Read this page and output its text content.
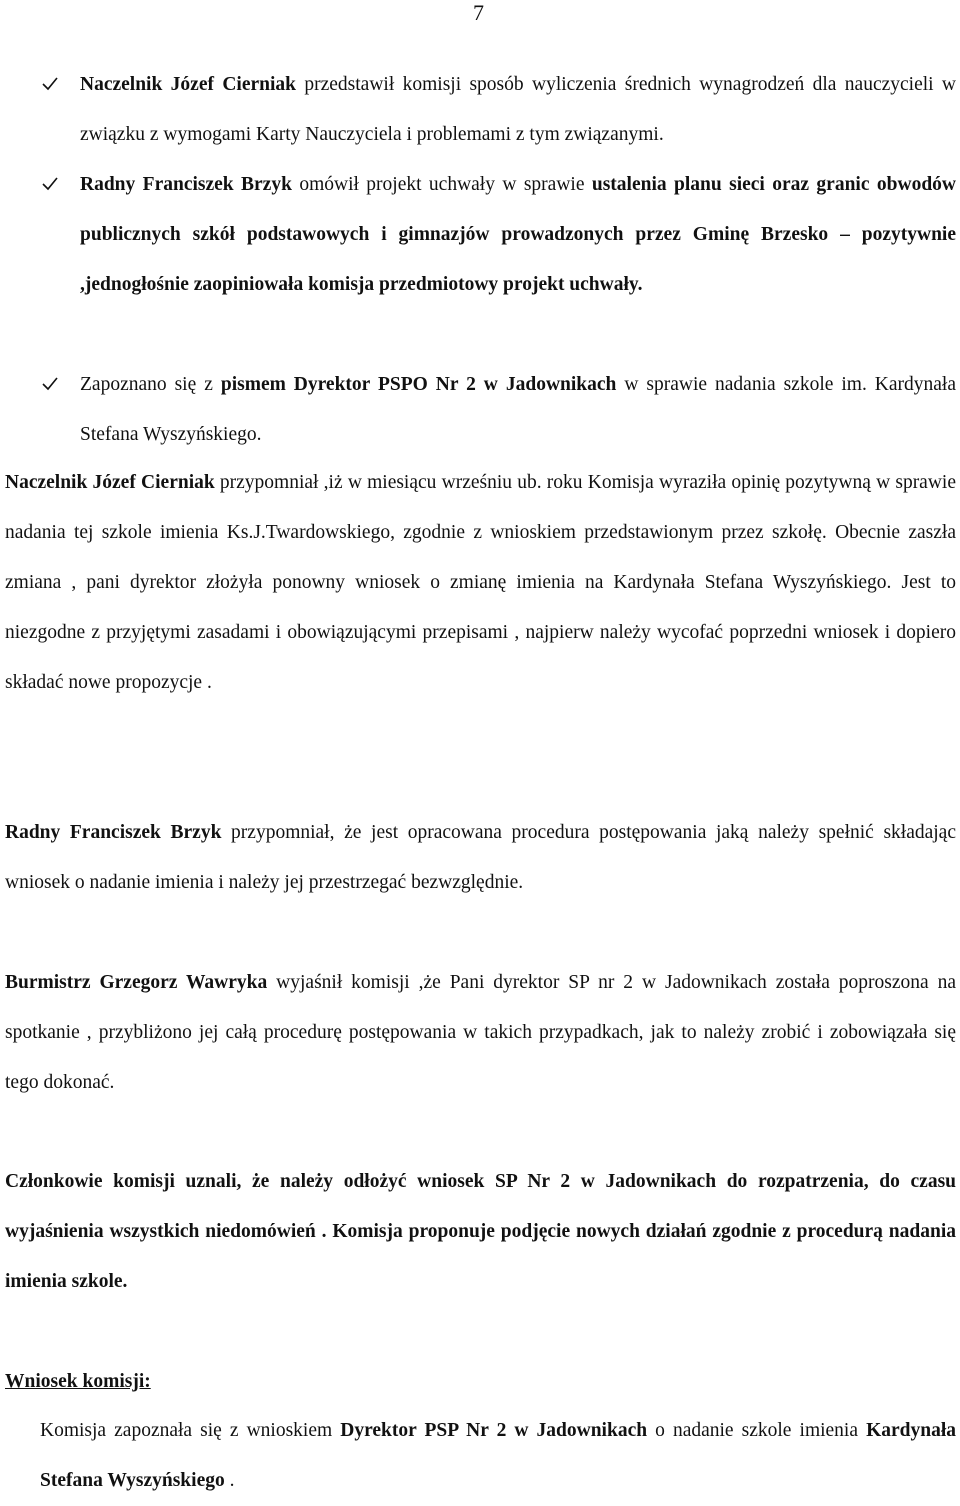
7

Naczelnik Józef Cierniak przedstawił komisji sposób wyliczenia średnich wynagrodzeń dla nauczycieli w związku z wymogami Karty Nauczyciela i problemami z tym związanymi.

Radny Franciszek Brzyk omówił projekt uchwały w sprawie ustalenia planu sieci oraz granic obwodów publicznych szkół podstawowych i gimnazjów prowadzonych przez Gminę Brzesko – pozytywnie ,jednogłośnie zaopiniowała komisja przedmiotowy projekt uchwały.

Zapoznano się z pismem Dyrektor PSPO Nr 2 w Jadownikach w sprawie nadania szkole im. Kardynała Stefana Wyszyńskiego.

Naczelnik Józef Cierniak przypomniał ,iż w miesiącu wrześniu ub. roku Komisja wyraziła opinię pozytywną w sprawie nadania tej szkole imienia Ks.J.Twardowskiego, zgodnie z wnioskiem przedstawionym przez szkołę. Obecnie zaszła zmiana , pani dyrektor złożyła ponowny wniosek o zmianę imienia na Kardynała Stefana Wyszyńskiego. Jest to niezgodne z przyjętymi zasadami i obowiązującymi przepisami , najpierw należy wycofać poprzedni wniosek i dopiero składać nowe propozycje .

Radny Franciszek Brzyk przypomniał, że jest opracowana procedura postępowania jaką należy spełnić składając wniosek o nadanie imienia i należy jej przestrzegać bezwzględnie.

Burmistrz Grzegorz Wawryka wyjaśnił komisji ,że Pani dyrektor SP nr 2 w Jadownikach została poproszona na spotkanie , przybliżono jej całą procedurę postępowania w takich przypadkach, jak to należy zrobić i zobowiązała się tego dokonać.

Członkowie komisji uznali, że należy odłożyć wniosek SP Nr 2 w Jadownikach do rozpatrzenia, do czasu wyjaśnienia wszystkich niedomówień . Komisja proponuje podjęcie nowych działań zgodnie z procedurą nadania imienia szkole.

Wniosek komisji:

Komisja zapoznała się z wnioskiem Dyrektor PSP Nr 2 w Jadownikach o nadanie szkole imienia Kardynała Stefana Wyszyńskiego .
